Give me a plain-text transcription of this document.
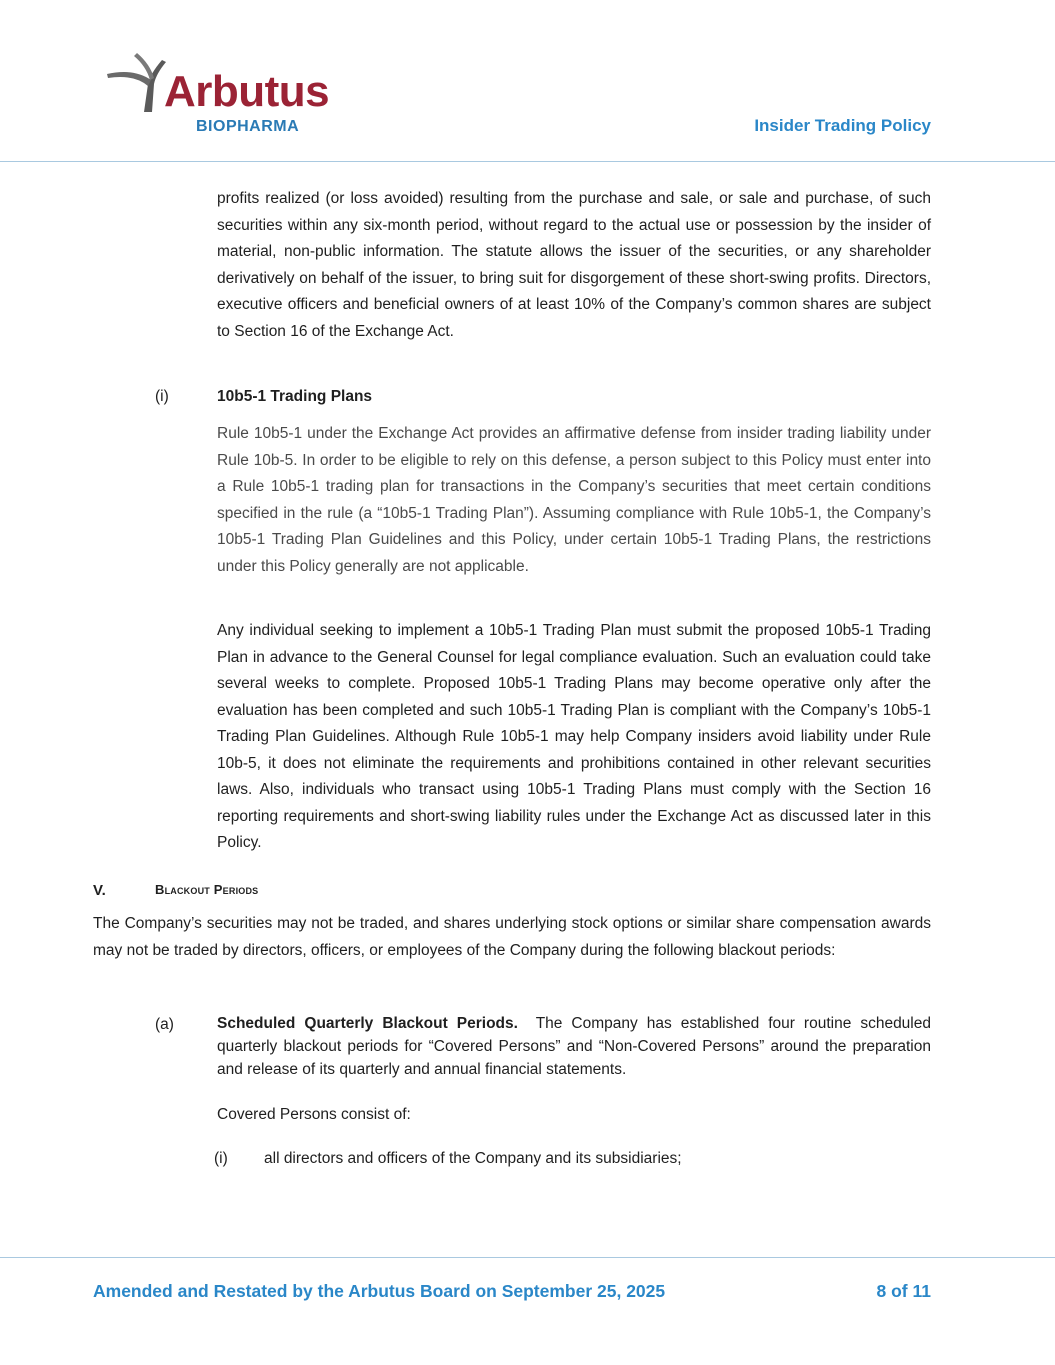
Arbutus
BIOPHARMA	Insider Trading Policy

profits realized (or loss avoided) resulting from the purchase and sale, or sale and purchase, of such securities within any six-month period, without regard to the actual use or possession by the insider of material, non-public information. The statute allows the issuer of the securities, or any shareholder derivatively on behalf of the issuer, to bring suit for disgorgement of these short-swing profits. Directors, executive officers and beneficial owners of at least 10% of the Company’s common shares are subject to Section 16 of the Exchange Act.

(i)	10b5-1 Trading Plans

Rule 10b5-1 under the Exchange Act provides an affirmative defense from insider trading liability under Rule 10b-5. In order to be eligible to rely on this defense, a person subject to this Policy must enter into a Rule 10b5-1 trading plan for transactions in the Company’s securities that meet certain conditions specified in the rule (a “10b5-1 Trading Plan”). Assuming compliance with Rule 10b5-1, the Company’s 10b5-1 Trading Plan Guidelines and this Policy, under certain 10b5-1 Trading Plans, the restrictions under this Policy generally are not applicable.

Any individual seeking to implement a 10b5-1 Trading Plan must submit the proposed 10b5-1 Trading Plan in advance to the General Counsel for legal compliance evaluation. Such an evaluation could take several weeks to complete. Proposed 10b5-1 Trading Plans may become operative only after the evaluation has been completed and such 10b5-1 Trading Plan is compliant with the Company’s 10b5-1 Trading Plan Guidelines. Although Rule 10b5-1 may help Company insiders avoid liability under Rule 10b-5, it does not eliminate the requirements and prohibitions contained in other relevant securities laws. Also, individuals who transact using 10b5-1 Trading Plans must comply with the Section 16 reporting requirements and short-swing liability rules under the Exchange Act as discussed later in this Policy.

V.	Blackout Periods

The Company’s securities may not be traded, and shares underlying stock options or similar share compensation awards may not be traded by directors, officers, or employees of the Company during the following blackout periods:

(a)	Scheduled Quarterly Blackout Periods. The Company has established four routine scheduled quarterly blackout periods for “Covered Persons” and “Non-Covered Persons” around the preparation and release of its quarterly and annual financial statements.

Covered Persons consist of:
(i) all directors and officers of the Company and its subsidiaries;
Amended and Restated by the Arbutus Board on September 25, 2025	8 of 11
